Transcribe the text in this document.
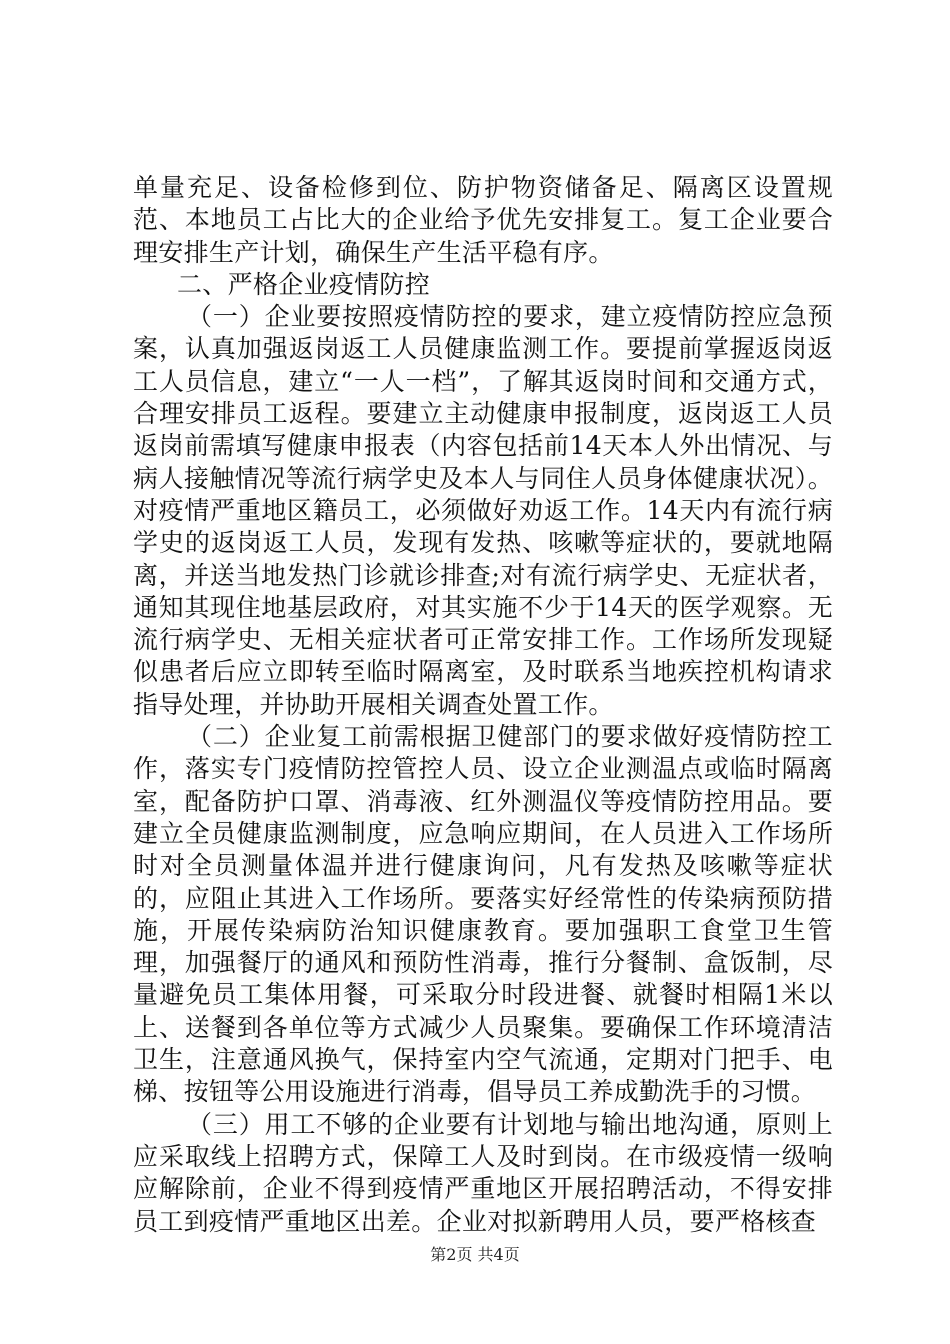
单量充足、设备检修到位、防护物资储备足、隔离区设置规范、本地员工占比大的企业给予优先安排复工。复工企业要合理安排生产计划，确保生产生活平稳有序。

二、严格企业疫情防控

（一）企业要按照疫情防控的要求，建立疫情防控应急预案，认真加强返岗返工人员健康监测工作。要提前掌握返岗返工人员信息，建立“一人一档”，了解其返岗时间和交通方式，合理安排员工返程。要建立主动健康申报制度，返岗返工人员返岗前需填写健康申报表（内容包括前14天本人外出情况、与病人接触情况等流行病学史及本人与同住人员身体健康状况）。对疫情严重地区籍员工，必须做好劝返工作。14天内有流行病学史的返岗返工人员，发现有发热、咳嗽等症状的，要就地隔离，并送当地发热门诊就诊排查;对有流行病学史、无症状者，通知其现住地基层政府，对其实施不少于14天的医学观察。无流行病学史、无相关症状者可正常安排工作。工作场所发现疑似患者后应立即转至临时隔离室，及时联系当地疾控机构请求指导处理，并协助开展相关调查处置工作。

（二）企业复工前需根据卫健部门的要求做好疫情防控工作，落实专门疫情防控管控人员、设立企业测温点或临时隔离室，配备防护口罩、消毒液、红外测温仪等疫情防控用品。要建立全员健康监测制度，应急响应期间，在人员进入工作场所时对全员测量体温并进行健康询问，凡有发热及咳嗽等症状的，应阻止其进入工作场所。要落实好经常性的传染病预防措施，开展传染病防治知识健康教育。要加强职工食堂卫生管理，加强餐厅的通风和预防性消毒，推行分餐制、盒饭制，尽量避免员工集体用餐，可采取分时段进餐、就餐时相隔1米以上、送餐到各单位等方式减少人员聚集。要确保工作环境清洁卫生，注意通风换气，保持室内空气流通，定期对门把手、电梯、按钮等公用设施进行消毒，倡导员工养成勤洗手的习惯。

（三）用工不够的企业要有计划地与输出地沟通，原则上应采取线上招聘方式，保障工人及时到岗。在市级疫情一级响应解除前，企业不得到疫情严重地区开展招聘活动，不得安排员工到疫情严重地区出差。企业对拟新聘用人员，要严格核查

第2页 共4页
